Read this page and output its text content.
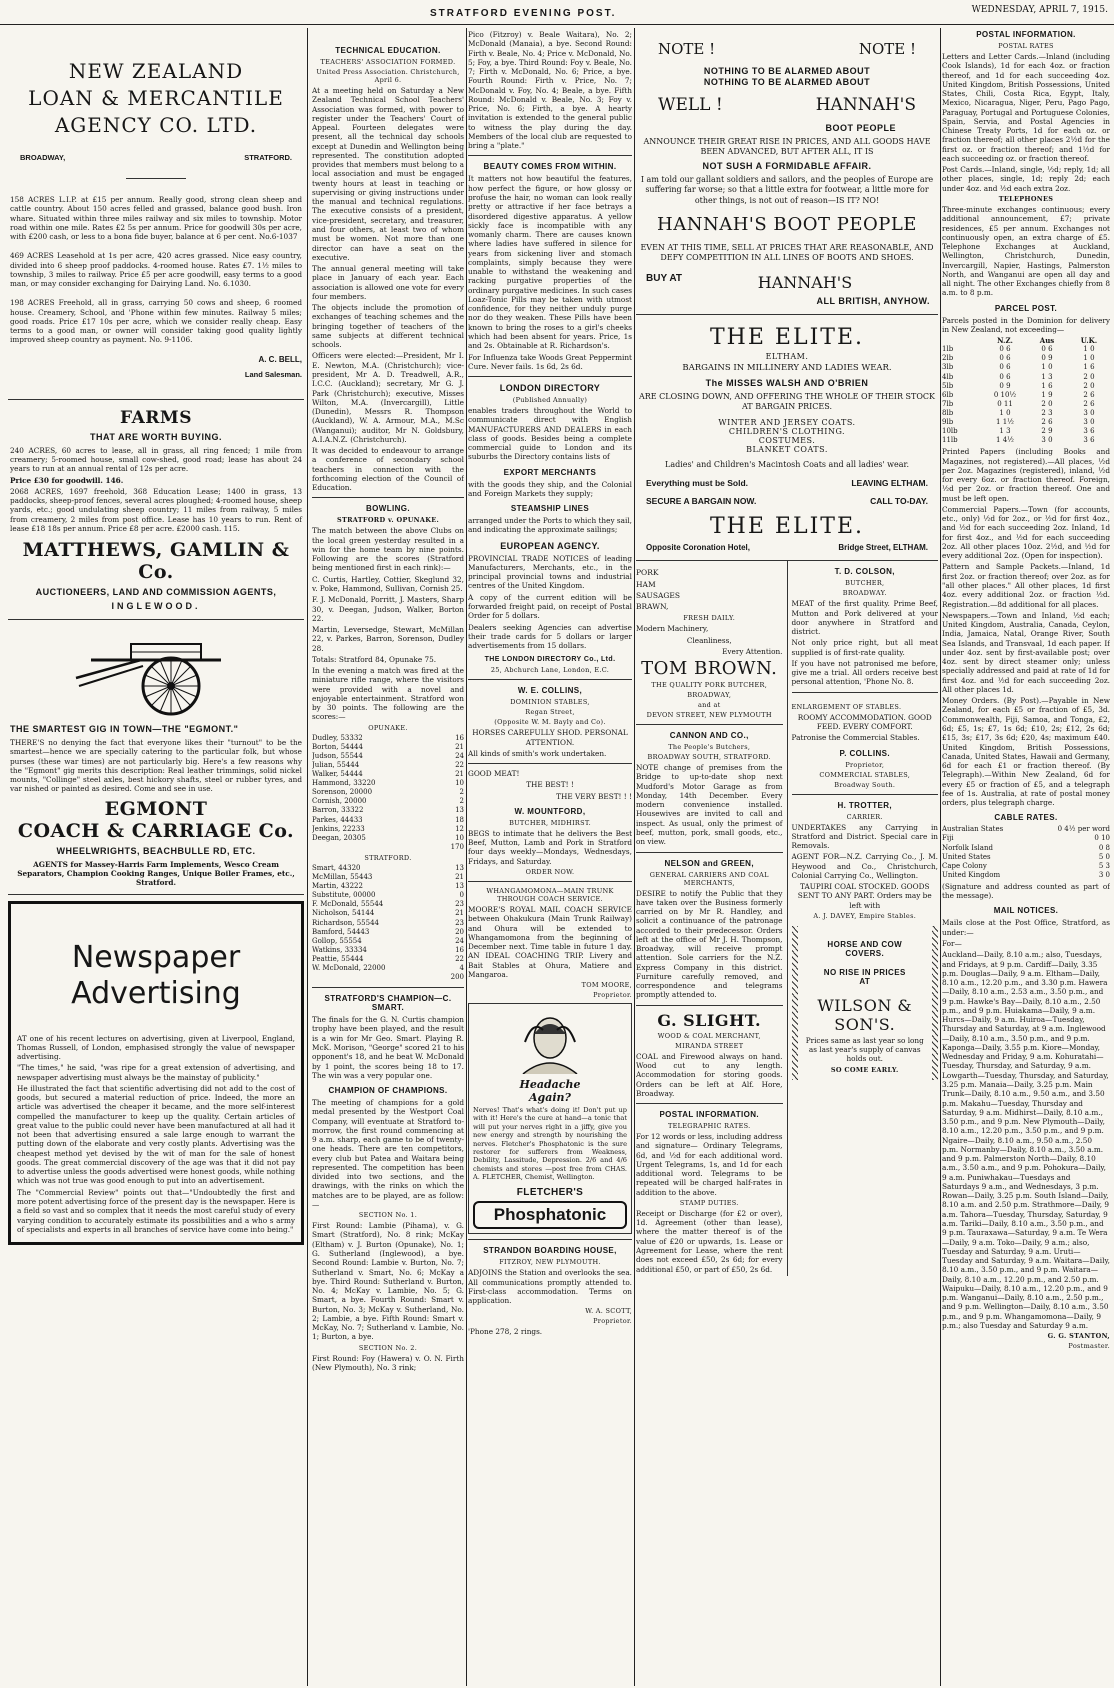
STRATFORD EVENING POST.	WEDNESDAY, APRIL 7, 1915.
NEW ZEALAND
LOAN & MERCANTILE
AGENCY CO. LTD.
BROADWAY,	STRATFORD.

158 ACRES L.I.P. at £15 per annum. Really good, strong clean sheep and cattle country. About 150 acres felled and grassed, balance good bush. Iron whare. Situated within three miles railway and six miles to township. Motor road within one mile. Rates £2 5s per annum. Price for goodwill 30s per acre, with £200 cash, or less to a bona fide buyer, balance at 6 per cent. No.6-1037

469 ACRES Leasehold at 1s per acre, 420 acres grassed. Nice easy country, divided into 6 sheep proof paddocks. 4-roomed house. Rates £7. 1½ miles to township, 3 miles to railway. Price £5 per acre goodwill, easy terms to a good man, or may consider exchanging for Dairying Land. No. 6.1030.

198 ACRES Freehold, all in grass, carrying 50 cows and sheep, 6 roomed house. Creamery, School, and 'Phone within few minutes. Railway 5 miles; good roads. Price £17 10s per acre, which we consider really cheap. Easy terms to a good man, or owner will consider taking good quality lightly improved sheep country as payment. No. 9-1106.

A. C. BELL,
Land Salesman.
FARMS
THAT ARE WORTH BUYING.

240 ACRES, 60 acres to lease, all in grass, all ring fenced; 1 mile from creamery; 5-roomed house, small cow-shed, good road; lease has about 24 years to run at an annual rental of 12s per acre.

Price £30 for goodwill. 146.

2068 ACRES, 1697 freehold, 368 Education Lease; 1400 in grass, 13 paddocks, sheep-proof fences, several acres ploughed; 4-roomed house, sheep yards, etc.; good undulating sheep country; 11 miles from railway, 5 miles from creamery, 2 miles from post office. Lease has 10 years to run. Rent of lease £18 18s per annum. Price £8 per acre. £2000 cash. 115.

MATTHEWS, GAMLIN & Co.
AUCTIONEERS, LAND AND COMMISSION AGENTS,
INGLEWOOD.
THE SMARTEST GIG IN TOWN—THE "EGMONT."

THERE'S no denying the fact that everyone likes their "turnout" to be the smartest—hence we are specially catering to the particular folk, but whose purses (these war times) are not particularly big. Here's a few reasons why the "Egmont" gig merits this description: Real leather trimmings, solid nickel mounts, "Collinge" steel axles, best hickory shafts, steel or rubber tyres, and var nished or painted as desired. Come and see in use.

EGMONT
COACH & CARRIAGE Co.
WHEELWRIGHTS, BEACHBULLE RD, ETC.

AGENTS for Massey-Harris Farm Implements, Wesco Cream Separators, Champion Cooking Ranges, Unique Boiler Frames, etc., Stratford.

Newspaper
Advertising

AT one of his recent lectures on advertising, given at Liverpool, England, Thomas Russell, of London, emphasised strongly the value of newspaper advertising.

"The times," he said, "was ripe for a great extension of advertising, and newspaper advertising must always be the mainstay of publicity."

He illustrated the fact that scientific advertising did not add to the cost of goods, but secured a material reduction of price. Indeed, the more an article was advertised the cheaper it became, and the more self-interest compelled the manufacturer to keep up the quality. Certain articles of great value to the public could never have been manufactured at all had it not been that advertising ensured a sale large enough to warrant the putting down of the elaborate and very costly plants. Advertising was the cheapest method yet devised by the wit of man for the sale of honest goods. The great commercial discovery of the age was that it did not pay to advertise unless the goods advertised were honest goods, while nothing which was not true was good enough to put into an advertisement.

The "Commercial Review" points out that—"Undoubtedly the first and more potent advertising force of the present day is the newspaper. Here is a field so vast and so complex that it needs the most careful study of every varying condition to accurately estimate its possibilities and a who s army of specialists and experts in all branches of service have come into being."

TECHNICAL EDUCATION.
TEACHERS' ASSOCIATION FORMED.
United Press Association. Christchurch, April 6.

At a meeting held on Saturday a New Zealand Technical School Teachers' Association was formed, with power to register under the Teachers' Court of Appeal. Fourteen delegates were present, all the technical day schools except at Dunedin and Wellington being represented. The constitution adopted provides that members must belong to a local association and must be engaged twenty hours at least in teaching or supervising or giving instructions under the manual and technical regulations. The executive consists of a president, vice-president, secretary, and treasurer, and four others, at least two of whom must be women. Not more than one director can have a seat on the executive.

The annual general meeting will take place in January of each year. Each association is allowed one vote for every four members.

The objects include the promotion of exchanges of teaching schemes and the bringing together of teachers of the same subjects at different technical schools.

Officers were elected:—President, Mr I. E. Newton, M.A. (Christchurch); vice-president, Mr A. D. Treadwell, A.R., I.C.C. (Auckland); secretary, Mr G. J. Park (Christchurch); executive, Misses Wilton, M.A. (Invercargill), Little (Dunedin), Messrs R. Thompson (Auckland), W. A. Armour, M.A., M.Sc (Wanganui); auditor, Mr N. Goldsbury, A.I.A.N.Z. (Christchurch).

It was decided to endeavour to arrange a conference of secondary school teachers in connection with the forthcoming election of the Council of Education.

BOWLING.
STRATFORD v. OPUNAKE.

The match between the above Clubs on the local green yesterday resulted in a win for the home team by nine points. Following are the scores (Stratford being mentioned first in each rink):—

C. Curtis, Hartley, Cottier, Skeglund 32, v. Poke, Hammond, Sullivan, Cornish 25.

F. J. McDonald, Porritt, J. Masters, Sharp 30, v. Deegan, Judson, Walker, Borton 22.

Martin, Leversedge, Stewart, McMillan 22, v. Parkes, Barron, Sorenson, Dudley 28.

Totals: Stratford 84, Opunake 75.

In the evening a match was fired at the miniature rifle range, where the visitors were provided with a novel and enjoyable entertainment. Stratford won by 30 points. The following are the scores:—

OPUNAKE.
Dudley, 53332	16
Borton, 54444	21
Judson, 55544	24
Julian, 55444	22
Walker, 54444	21
Hammond, 33220	10
Sorenson, 20000	2
Cornish, 20000	2
Barron, 33322	13
Parkes, 44433	18
Jenkins, 22233	12
Deegan, 20305	10
170
STRATFORD.
Smart, 44320	13
McMillan, 55443	21
Martin, 43222	13
Substitute, 00000	0
F. McDonald, 55544	23
Nicholson, 54144	21
Richardson, 55544	23
Bamford, 54443	20
Gollop, 55554	24
Watkins, 33334	16
Peattie, 55444	22
W. McDonald, 22000	4
200
STRATFORD'S CHAMPION—C. SMART.

The finals for the G. N. Curtis champion trophy have been played, and the result is a win for Mr Geo. Smart. Playing R. McK. Morison, "George" scored 21 to his opponent's 18, and he beat W. McDonald by 1 point, the scores being 18 to 17. The win was a very popular one.

CHAMPION OF CHAMPIONS.

The meeting of champions for a gold medal presented by the Westport Coal Company, will eventuate at Stratford to-morrow, the first round commencing at 9 a.m. sharp, each game to be of twenty-one heads. There are ten competitors, every club but Patea and Waitara being represented. The competition has been divided into two sections, and the drawings, with the rinks on which the matches are to be played, are as follow:—

SECTION No. 1.

First Round: Lambie (Pihama), v. G. Smart (Stratford), No. 8 rink; McKay (Eltham) v. J. Burton (Opunake), No. 1; G. Sutherland (Inglewood), a bye. Second Round: Lambie v. Burton, No. 7; Sutherland v. Smart, No. 6; McKay a bye. Third Round: Sutherland v. Burton, No. 4; McKay v. Lambie, No. 5; G. Smart, a bye. Fourth Round: Smart v. Burton, No. 3; McKay v. Sutherland, No. 2; Lambie, a bye. Fifth Round: Smart v. McKay, No. 7; Sutherland v. Lambie, No. 1; Burton, a bye.

SECTION No. 2.

First Round: Foy (Hawera) v. O. N. Firth (New Plymouth), No. 3 rink;

Pico (Fitzroy) v. Beale Waitara), No. 2; McDonald (Manaia), a bye. Second Round: Firth v. Beale, No. 4; Price v. McDonald, No. 5; Foy, a bye. Third Round: Foy v. Beale, No. 7; Firth v. McDonald, No. 6; Price, a bye. Fourth Round: Firth v. Price, No. 7; McDonald v. Foy, No. 4; Beale, a bye. Fifth Round: McDonald v. Beale, No. 3; Foy v. Price, No. 6; Firth, a bye. A hearty invitation is extended to the general public to witness the play during the day. Members of the local club are requested to bring a "plate."

BEAUTY COMES FROM WITHIN.

It matters not how beautiful the features, how perfect the figure, or how glossy or profuse the hair, no woman can look really pretty or attractive if her face betrays a disordered digestive apparatus. A yellow sickly face is incompatible with any womanly charm. There are causes known where ladies have suffered in silence for years from sickening liver and stomach complaints, simply because they were unable to withstand the weakening and racking purgative properties of the ordinary purgative medicines. In such cases Loaz-Tonic Pills may be taken with utmost confidence, for they neither unduly purge nor do they weaken. These Pills have been known to bring the roses to a girl's cheeks which had been absent for years. Price, 1s and 2s. Obtainable at R. Richardson's.

For Influenza take Woods Great Peppermint Cure. Never fails. 1s 6d, 2s 6d.

LONDON DIRECTORY
(Published Annually)

enables traders throughout the World to communicate direct with English MANUFACTURERS AND DEALERS in each class of goods. Besides being a complete commercial guide to London and its suburbs the Directory contains lists of

EXPORT MERCHANTS

with the goods they ship, and the Colonial and Foreign Markets they supply;

STEAMSHIP LINES

arranged under the Ports to which they sail, and indicating the approximate sailings;

EUROPEAN AGENCY.

PROVINCIAL TRADE NOTICES of leading Manufacturers, Merchants, etc., in the principal provincial towns and industrial centres of the United Kingdom.

A copy of the current edition will be forwarded freight paid, on receipt of Postal Order for 5 dollars.

Dealers seeking Agencies can advertise their trade cards for 5 dollars or larger advertisements from 15 dollars.

THE LONDON DIRECTORY Co., Ltd.
25, Abchurch Lane, London, E.C.
W. E. COLLINS,
DOMINION STABLES,
Regan Street,
(Opposite W. M. Bayly and Co).

HORSES CAREFULLY SHOD. PERSONAL ATTENTION.

All kinds of smith's work undertaken.

GOOD MEAT!

THE BEST! !

THE VERY BEST! ! !

W. MOUNTFORD,
BUTCHER, MIDHIRST.

BEGS to intimate that he delivers the Best Beef, Mutton, Lamb and Pork in Stratford four days weekly—Mondays, Wednesdays, Fridays, and Saturday.

ORDER NOW.
WHANGAMOMONA—MAIN TRUNK THROUGH COACH SERVICE.

MOORE'S ROYAL MAIL COACH SERVICE between Ohakukura (Main Trunk Railway) and Ohura will be extended to Whangamomona from the beginning of December next. Time table in future 1 day. AN IDEAL COACHING TRIP. Livery and Bait Stables at Ohura, Matiere and Mangaroa.

TOM MOORE,
Proprietor.
Headache
Again?

Nerves! That's what's doing it! Don't put up with it! Here's the cure at hand—a tonic that will put your nerves right in a jiffy, give you new energy and strength by nourishing the nerves. Fletcher's Phosphatonic is the sure restorer for sufferers from Weakness, Debility, Lassitude, Depression. 2/6 and 4/6 chemists and stores —post free from CHAS. A. FLETCHER, Chemist, Wellington.

FLETCHER'S
Phosphatonic
STRANDON BOARDING HOUSE,
FITZROY, NEW PLYMOUTH.

ADJOINS the Station and overlooks the sea. All communications promptly attended to. First-class accommodation. Terms on application.

W. A. SCOTT,
Proprietor.

'Phone 278, 2 rings.

NOTE !	NOTE !
NOTHING TO BE ALARMED ABOUT
NOTHING TO BE ALARMED ABOUT
WELL !	HANNAH'S
BOOT PEOPLE

ANNOUNCE THEIR GREAT RISE IN PRICES, AND ALL GOODS HAVE BEEN ADVANCED, BUT AFTER ALL, IT IS

NOT SUSH A FORMIDABLE AFFAIR.

I am told our gallant soldiers and sailors, and the peoples of Europe are suffering far worse; so that a little extra for footwear, a little more for other things, is not out of reason—IS IT? NO!

HANNAH'S BOOT PEOPLE

EVEN AT THIS TIME, SELL AT PRICES THAT ARE REASONABLE, AND DEFY COMPETITION IN ALL LINES OF BOOTS AND SHOES.

BUY AT	HANNAH'S
ALL BRITISH, ANYHOW.
THE ELITE.
ELTHAM.

BARGAINS IN MILLINERY AND LADIES WEAR.

The MISSES WALSH AND O'BRIEN

ARE CLOSING DOWN, AND OFFERING THE WHOLE OF THEIR STOCK AT BARGAIN PRICES.

WINTER AND JERSEY COATS.
CHILDREN'S CLOTHING.
COSTUMES.
BLANKET COATS.

Ladies' and Children's Macintosh Coats and all ladies' wear.

Everything must be Sold.	LEAVING ELTHAM.
SECURE A BARGAIN NOW.	CALL TO-DAY.
THE ELITE.
Opposite Coronation Hotel,	Bridge Street, ELTHAM.
PORK
HAM
SAUSAGES
BRAWN,
FRESH DAILY.

Modern Machinery,

Cleanliness,

Every Attention.

TOM BROWN.
THE QUALITY PORK BUTCHER,
BROADWAY,
and at
DEVON STREET, NEW PLYMOUTH
CANNON AND CO.,
The People's Butchers,
BROADWAY SOUTH, STRATFORD.

NOTE change of premises from the Bridge to up-to-date shop next Mudford's Motor Garage as from Monday, 14th December. Every modern convenience installed. Housewives are invited to call and inspect. As usual, only the primest of beef, mutton, pork, small goods, etc., on view.

NELSON and GREEN,
GENERAL CARRIERS AND COAL MERCHANTS,

DESIRE to notify the Public that they have taken over the Business formerly carried on by Mr R. Handley, and solicit a continuance of the patronage accorded to their predecessor. Orders left at the office of Mr J. H. Thompson, Broadway, will receive prompt attention. Sole carriers for the N.Z. Express Company in this district. Furniture carefully removed, and correspondence and telegrams promptly attended to.

G. SLIGHT.
WOOD & COAL MERCHANT,
MIRANDA STREET

COAL and Firewood always on hand. Wood cut to any length. Accommodation for storing goods. Orders can be left at Alf. Hore, Broadway.

POSTAL INFORMATION.
TELEGRAPHIC RATES.

For 12 words or less, including address and signature— Ordinary Telegrams, 6d, and ½d for each additional word. Urgent Telegrams, 1s, and 1d for each additional word. Telegrams to be repeated will be charged half-rates in addition to the above.

STAMP DUTIES.

Receipt or Discharge (for £2 or over), 1d. Agreement (other than lease), where the matter thereof is of the value of £20 or upwards, 1s. Lease or Agreement for Lease, where the rent does not exceed £50, 2s 6d; for every additional £50, or part of £50, 2s 6d.

T. D. COLSON,
BUTCHER,
BROADWAY.

MEAT of the first quality. Prime Beef, Mutton and Pork delivered at your door anywhere in Stratford and district.

Not only price right, but all meat supplied is of first-rate quality.

If you have not patronised me before, give me a trial. All orders receive best personal attention, 'Phone No. 8.

ENLARGEMENT OF STABLES.

ROOMY ACCOMMODATION. GOOD FEED. EVERY COMFORT.

Patronise the Commercial Stables.

P. COLLINS.
Proprietor,
COMMERCIAL STABLES,
Broadway South.
H. TROTTER,
CARRIER.

UNDERTAKES any Carrying in Stratford and District. Special care in Removals.

AGENT FOR—N.Z. Carrying Co., J. M. Heywood and Co., Christchurch, Colonial Carrying Co., Wellington.

TAUPIRI COAL STOCKED. GOODS SENT TO ANY PART. Orders may be left with

A. J. DAVEY, Empire Stables.
HORSE AND COW COVERS.
NO RISE IN PRICES AT
WILSON & SON'S.

Prices same as last year so long as last year's supply of canvas holds out.

SO COME EARLY.
POSTAL INFORMATION.
POSTAL RATES

Letters and Letter Cards.—Inland (including Cook Islands), 1d for each 4oz. or fraction thereof, and 1d for each succeeding 4oz. United Kingdom, British Possessions, United States, Chili, Costa Rica, Egypt, Italy, Mexico, Nicaragua, Niger, Peru, Pago Pago, Paraguay, Portugal and Portuguese Colonies, Spain, Servia, and Postal Agencies in Chinese Treaty Ports, 1d for each oz. or fraction thereof; all other places 2½d for the first oz. or fraction thereof; and 1½d for each succeeding oz. or fraction thereof.

Post Cards.—Inland, single, ½d; reply, 1d; all other places, single, 1d; reply 2d; each under 4oz. and ½d each extra 2oz.

TELEPHONES

Three-minute exchanges continuous; every additional announcement, £7; private residences, £5 per annum. Exchanges not continuously open, an extra charge of £5. Telephone Exchanges at Auckland, Wellington, Christchurch, Dunedin, Invercargill, Napier, Hastings, Palmerston North, and Wanganui are open all day and all night. The other Exchanges chiefly from 8 a.m. to 8 p.m.

PARCEL POST.

Parcels posted in the Dominion for delivery in New Zealand, not exceeding—

N.Z.	Aus	U.K.
1lb	0 6	0 6	1 0
2lb	0 6	0 9	1 0
3lb	0 6	1 0	1 6
4lb	0 6	1 3	2 0
5lb	0 9	1 6	2 0
6lb	0 10½	1 9	2 6
7lb	0 11	2 0	2 6
8lb	1 0	2 3	3 0
9lb	1 1½	2 6	3 0
10lb	1 3	2 9	3 6
11lb	1 4½	3 0	3 6

Printed Papers (including Books and Magazines, not registered).—All places, ½d per 2oz. Magazines (registered), inland, ½d for every 6oz. or fraction thereof. Foreign, ½d per 2oz. or fraction thereof. One and must be left open.

Commercial Papers.—Town (for accounts, etc., only) ½d for 2oz., or ½d for first 4oz., and ½d for each succeeding 2oz. Inland, 1d for first 4oz., and ½d for each succeeding 2oz. All other places 10oz. 2½d, and ½d for every additional 2oz. (Open for inspection).

Pattern and Sample Packets.—Inland, 1d first 2oz. or fraction thereof; over 2oz. as for "all other places." All other places, 1d first 4oz. every additional 2oz. or fraction ½d. Registration.—8d additional for all places.

Newspapers.—Town and Inland, ½d each; United Kingdom, Australia, Canada, Ceylon, India, Jamaica, Natal, Orange River, South Sea Islands, and Transvaal, 1d each paper. If under 4oz. sent by first-available post; over 4oz. sent by direct steamer only; unless specially addressed and paid at rate of 1d for first 4oz. and ½d for each succeeding 2oz. All other places 1d.

Money Orders. (By Post).—Payable in New Zealand, for each £5 or fraction of £5, 3d. Commonwealth, Fiji, Samoa, and Tonga, £2, 6d; £5, 1s; £7, 1s 6d; £10, 2s; £12, 2s 6d; £15, 3s; £17, 3s 6d; £20, 4s; maximum £40. United Kingdom, British Possessions, Canada, United States, Hawaii and Germany, 6d for each £1 or fraction thereof. (By Telegraph).—Within New Zealand, 6d for every £5 or fraction of £5, and a telegraph fee of 1s. Australia, at rate of postal money orders, plus telegraph charge.

CABLE RATES.
Australian States	0 4½ per word
Fiji	0 10
Norfolk Island	0 8
United States	5 0
Cape Colony	5 3
United Kingdom	3 0

(Signature and address counted as part of the message).

MAIL NOTICES.

Mails close at the Post Office, Stratford, as under:—

For—

Auckland—Daily, 8.10 a.m.; also, Tuesdays, and Fridays, at 9 p.m. Cardiff—Daily, 3.35 p.m. Douglas—Daily, 9 a.m. Eltham—Daily, 8.10 a.m., 12.20 p.m., and 3.30 p.m. Hawera—Daily, 8.10 a.m., 2.53 a.m., 3.50 p.m., and 9 p.m. Hawke's Bay—Daily, 8.10 a.m., 2.50 p.m., and 9 p.m. Huiakama—Daily, 9 a.m. Hurcs—Daily, 9 a.m. Huiroa—Tuesday, Thursday and Saturday, at 9 a.m. Inglewood—Daily, 8.10 a.m., 3.50 p.m., and 9 p.m. Kaponga—Daily, 3.55 p.m. Kiore—Monday, Wednesday and Friday, 9 a.m. Kohuratahi—Tuesday, Thursday, and Saturday, 9 a.m. Lowgarth—Tuesday, Thursday, and Saturday, 3.25 p.m. Manaia—Daily, 3.25 p.m. Main Trunk—Daily, 8.10 a.m., 9.50 a.m., and 3.50 p.m. Makahu—Tuesday, Thursday and Saturday, 9 a.m. Midhirst—Daily, 8.10 a.m., 3.50 p.m., and 9 p.m. New Plymouth—Daily, 8.10 a.m., 12.20 p.m., 3.50 p.m., and 9 p.m. Ngaire—Daily, 8.10 a.m., 9.50 a.m., 2.50 p.m. Normanby—Daily, 8.10 a.m., 3.50 a.m. and 9 p.m. Palmerston North—Daily, 8.10 a.m., 3.50 a.m., and 9 p.m. Pohokura—Daily, 9 a.m. Puniwhakau—Tuesdays and Saturdays 9 a.m., and Wednesdays, 3 p.m. Rowan—Daily, 3.25 p.m. South Island—Daily, 8.10 a.m. and 2.50 p.m. Strathmore—Daily, 9 a.m. Tahora—Tuesday, Thursday, Saturday, 9 a.m. Tariki—Daily, 8.10 a.m., 3.50 p.m., and 9 p.m. Tauraxawa—Saturday, 9 a.m. Te Wera—Daily, 9 a.m. Toko—Daily, 9 a.m.; also, Tuesday and Saturday, 9 a.m. Uruti—Tuesday and Saturday, 9 a.m. Waitara—Daily, 8.10 a.m., 3.50 p.m., and 9 p.m. Waitara—Daily, 8.10 a.m., 12.20 p.m., and 2.50 p.m. Waipuku—Daily, 8.10 a.m., 12.20 p.m., and 9 p.m. Wanganui—Daily, 8.10 a.m., 2.50 p.m., and 9 p.m. Wellington—Daily, 8.10 a.m., 3.50 p.m., and 9 p.m. Whangamomona—Daily, 9 p.m.; also Tuesday and Saturday 9 a.m.

G. G. STANTON,
Postmaster.
